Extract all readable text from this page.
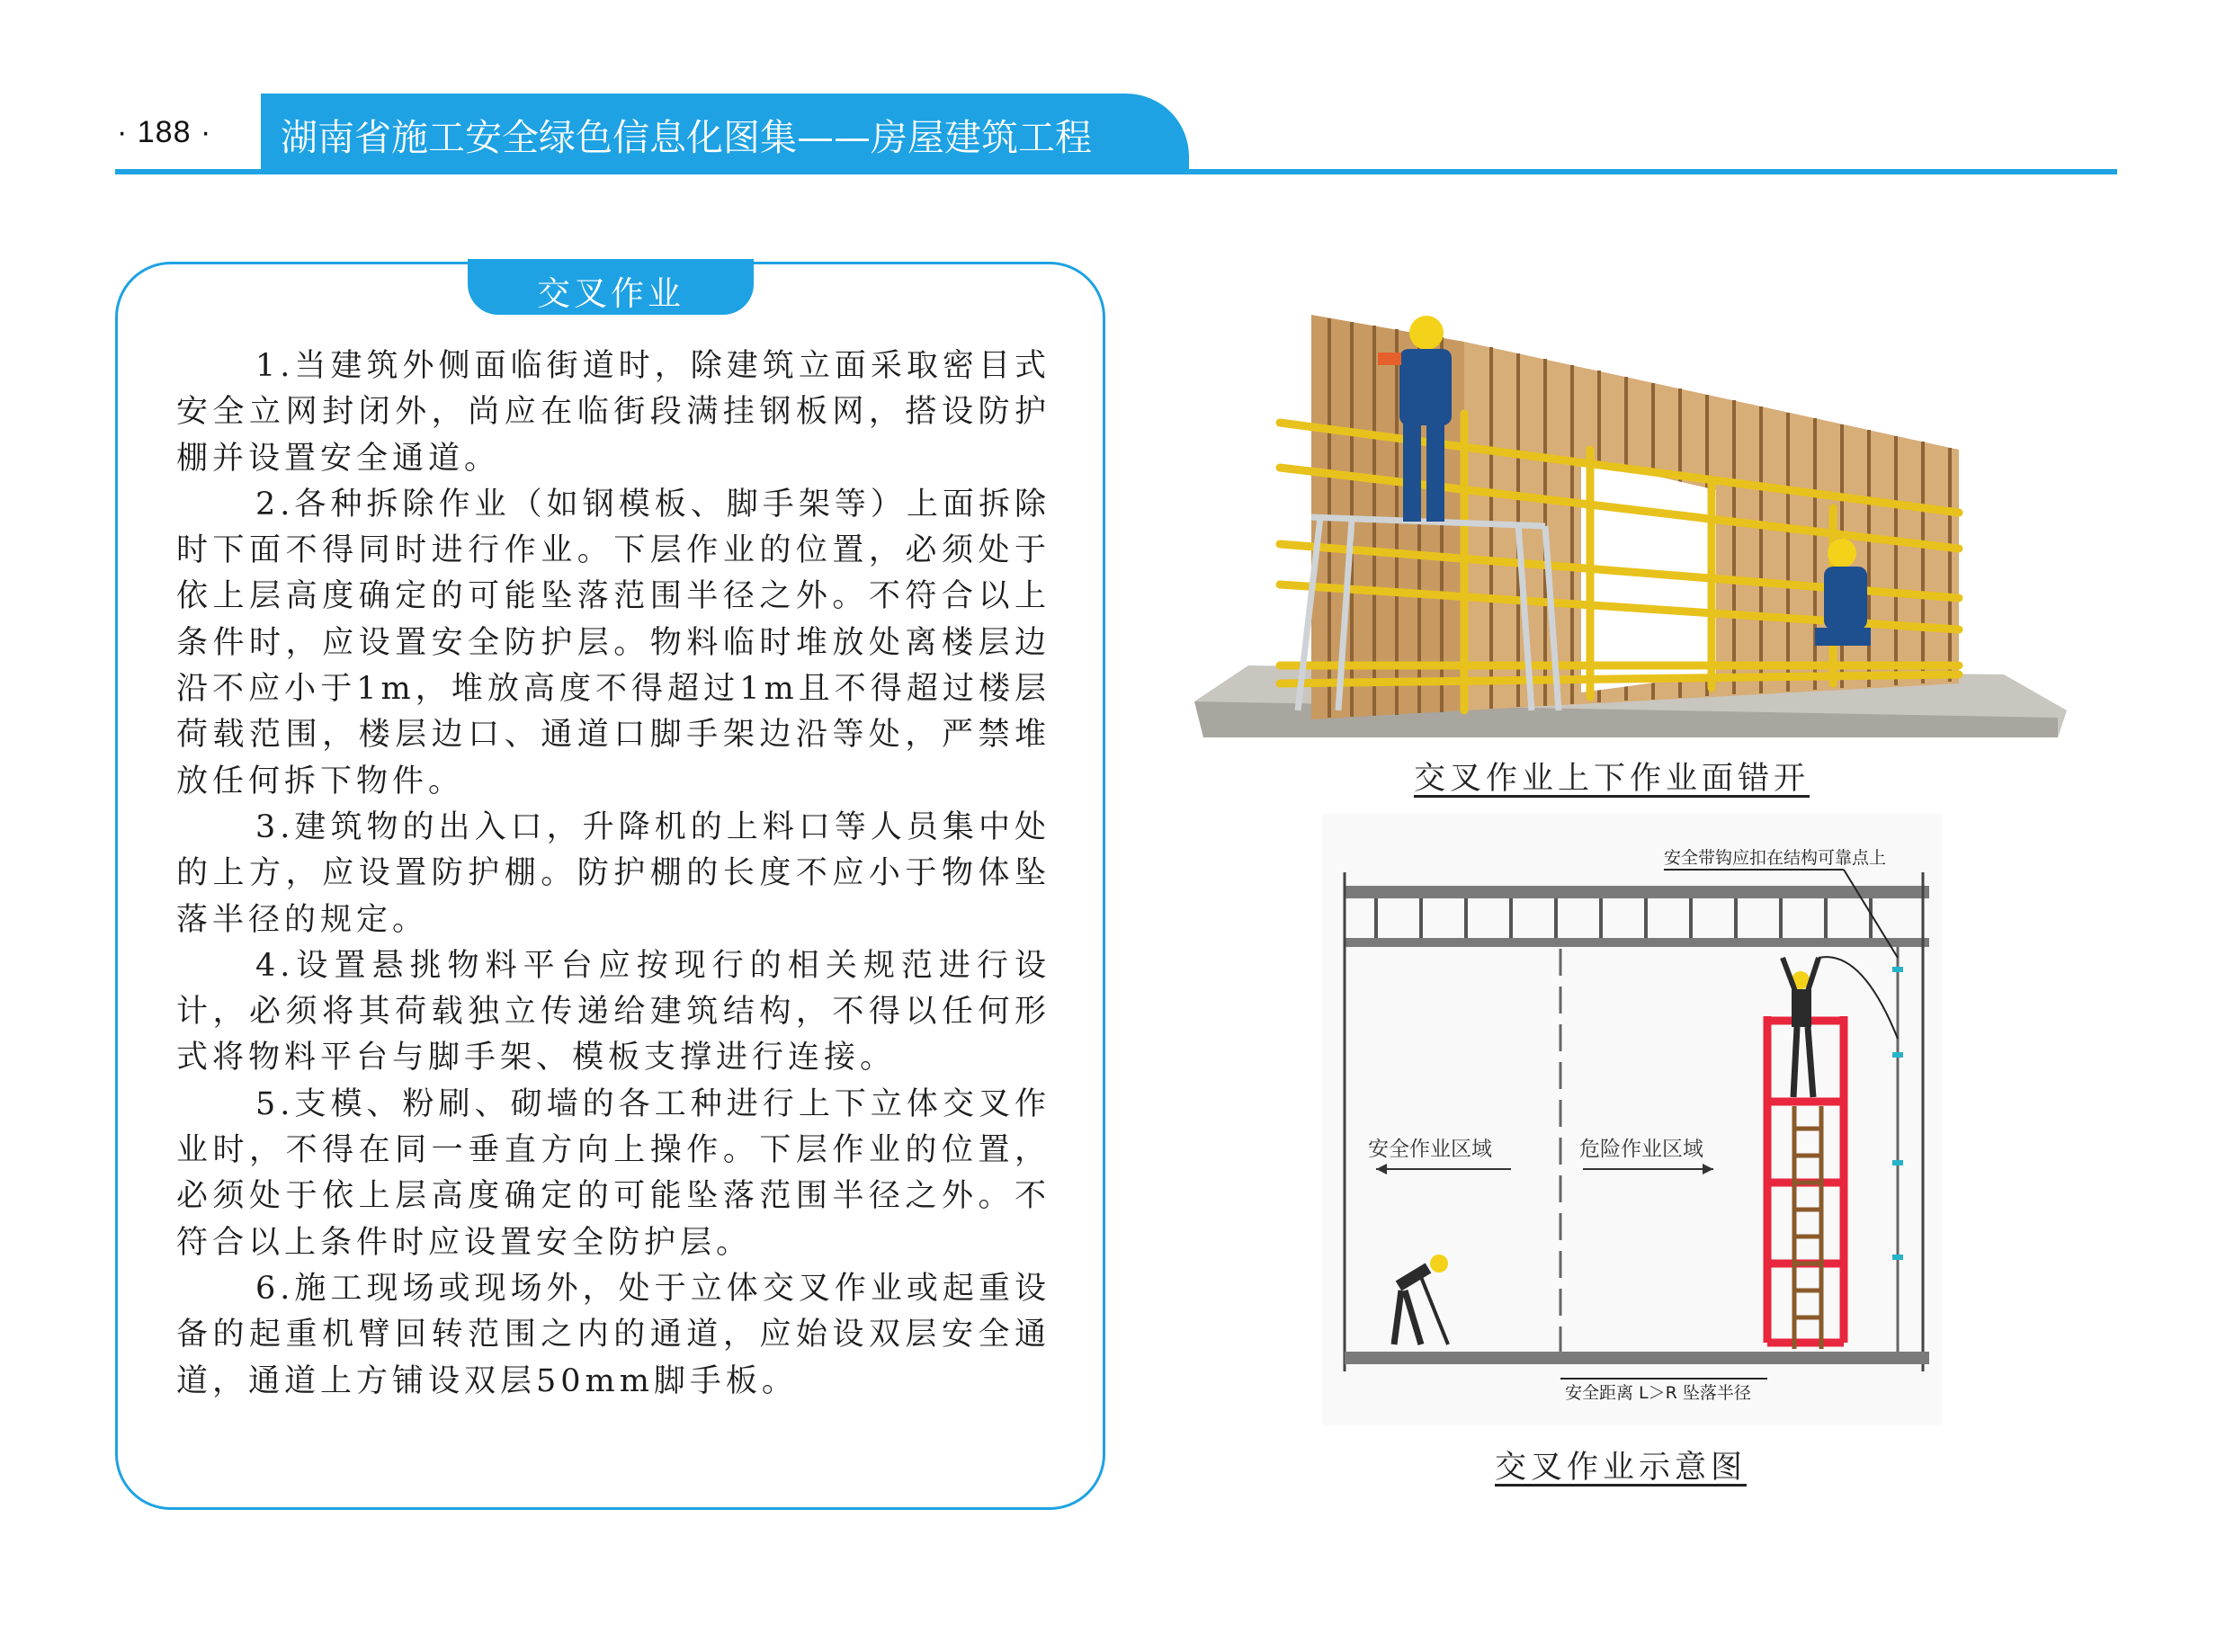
· 188 · 湖南省施工安全绿色信息化图集——房屋建筑工程
交叉作业

1.当建筑外侧面临街道时，除建筑立面采取密目式安全立网封闭外，尚应在临街段满挂钢板网，搭设防护棚并设置安全通道。

2.各种拆除作业（如钢模板、脚手架等）上面拆除时下面不得同时进行作业。下层作业的位置，必须处于依上层高度确定的可能坠落范围半径之外。不符合以上条件时，应设置安全防护层。物料临时堆放处离楼层边沿不应小于1m，堆放高度不得超过1m且不得超过楼层荷载范围，楼层边口、通道口脚手架边沿等处，严禁堆放任何拆下物件。

3.建筑物的出入口，升降机的上料口等人员集中处的上方，应设置防护棚。防护棚的长度不应小于物体坠落半径的规定。

4.设置悬挑物料平台应按现行的相关规范进行设计，必须将其荷载独立传递给建筑结构，不得以任何形式将物料平台与脚手架、模板支撑进行连接。

5.支模、粉刷、砌墙的各工种进行上下立体交叉作业时，不得在同一垂直方向上操作。下层作业的位置，必须处于依上层高度确定的可能坠落范围半径之外。不符合以上条件时应设置安全防护层。

6.施工现场或现场外，处于立体交叉作业或起重设备的起重机臂回转范围之内的通道，应始设双层安全通道，通道上方铺设双层50mm脚手板。

交叉作业上下作业面错开
安全作业区域	危险作业区域
安全带钩应扣在结构可靠点上
安全距离 L＞R 坠落半径
交叉作业示意图
